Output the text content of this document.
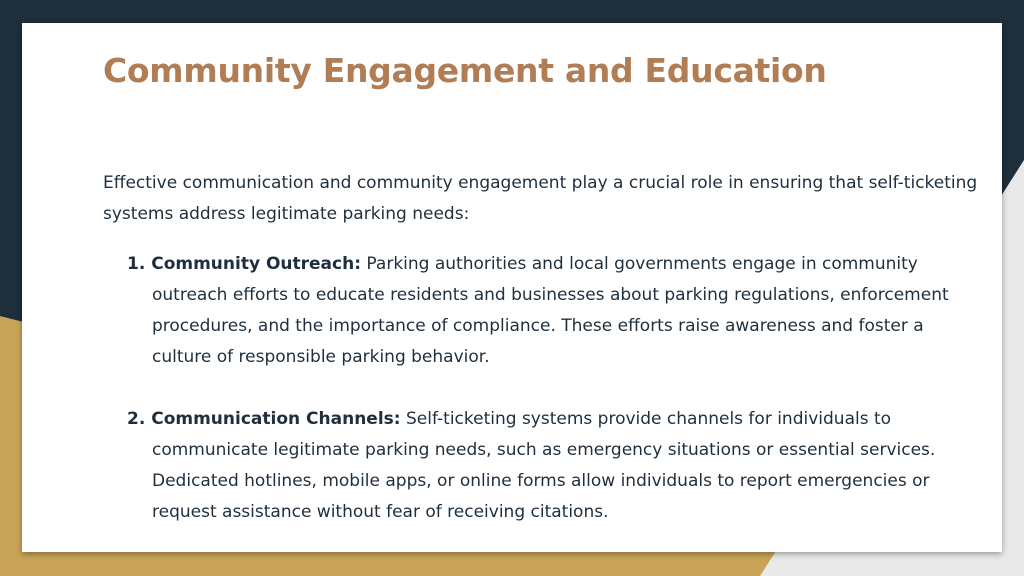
Community Engagement and Education

Effective communication and community engagement play a crucial role in ensuring that self-ticketing systems address legitimate parking needs:

1. Community Outreach: Parking authorities and local governments engage in community outreach efforts to educate residents and businesses about parking regulations, enforcement procedures, and the importance of compliance. These efforts raise awareness and foster a culture of responsible parking behavior.
2. Communication Channels: Self-ticketing systems provide channels for individuals to communicate legitimate parking needs, such as emergency situations or essential services. Dedicated hotlines, mobile apps, or online forms allow individuals to report emergencies or request assistance without fear of receiving citations.
